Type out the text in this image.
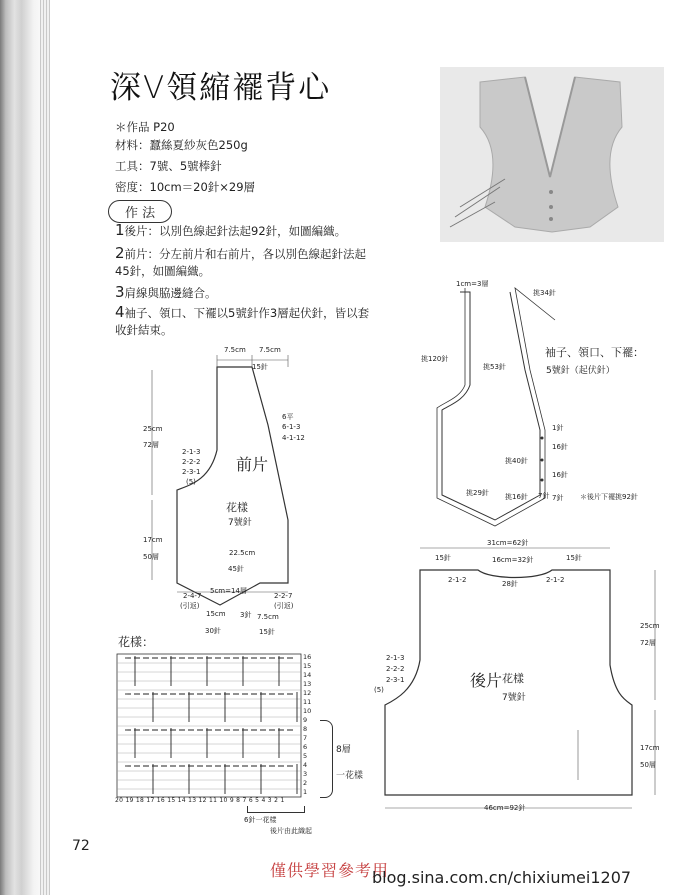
深V領縮襬背心
＊作品 P20
材料：蠶絲夏紗灰色250g
工具：7號、5號棒針
密度：10cm＝20針×29層
作 法
1後片：以別色線起針法起92針，如圖編織。
2前片：分左前片和右前片，各以別色線起針法起45針，如圖編織。
3肩線與脇邊縫合。
4袖子、領口、下襬以5號針作3層起伏針，皆以套收針結束。
7.5cm 7.5cm
15針
6平
6-1-3
4-1-12
25cm
72層
2-1-3
2-2-2
2-3-1
(5)
前片
花樣
7號針
17cm
50層	22.5cm
45針
5cm=14層
2-4-7
(引返)
2-2-7
(引返)
15cm
30針
3針 7.5cm
15針
1cm=3層
挑34針
挑120針
挑53針
1針
16針
挑40針
16針
7針
挑29針 挑16針 7針
袖子、領口、下襬：
5號針（起伏針）
＊後片下襬挑92針
31cm=62針
15針	16cm=32針	15針
28針
2-1-2	2-1-2
25cm
72層
2-1-3
2-2-2
2-3-1
(5)	後片 花樣
7號針
17cm
50層
46cm=92針
花樣：
16
15
14
13
12
11
10
9
8
7
6
5
4
3
2
1
8層
一花樣
20 19 18 17 16 15 14 13 12 11 10 9 8 7 6 5 4 3 2 1
6針一花樣
後片由此織起
72
僅供學習參考用
blog.sina.com.cn/chixiumei1207
